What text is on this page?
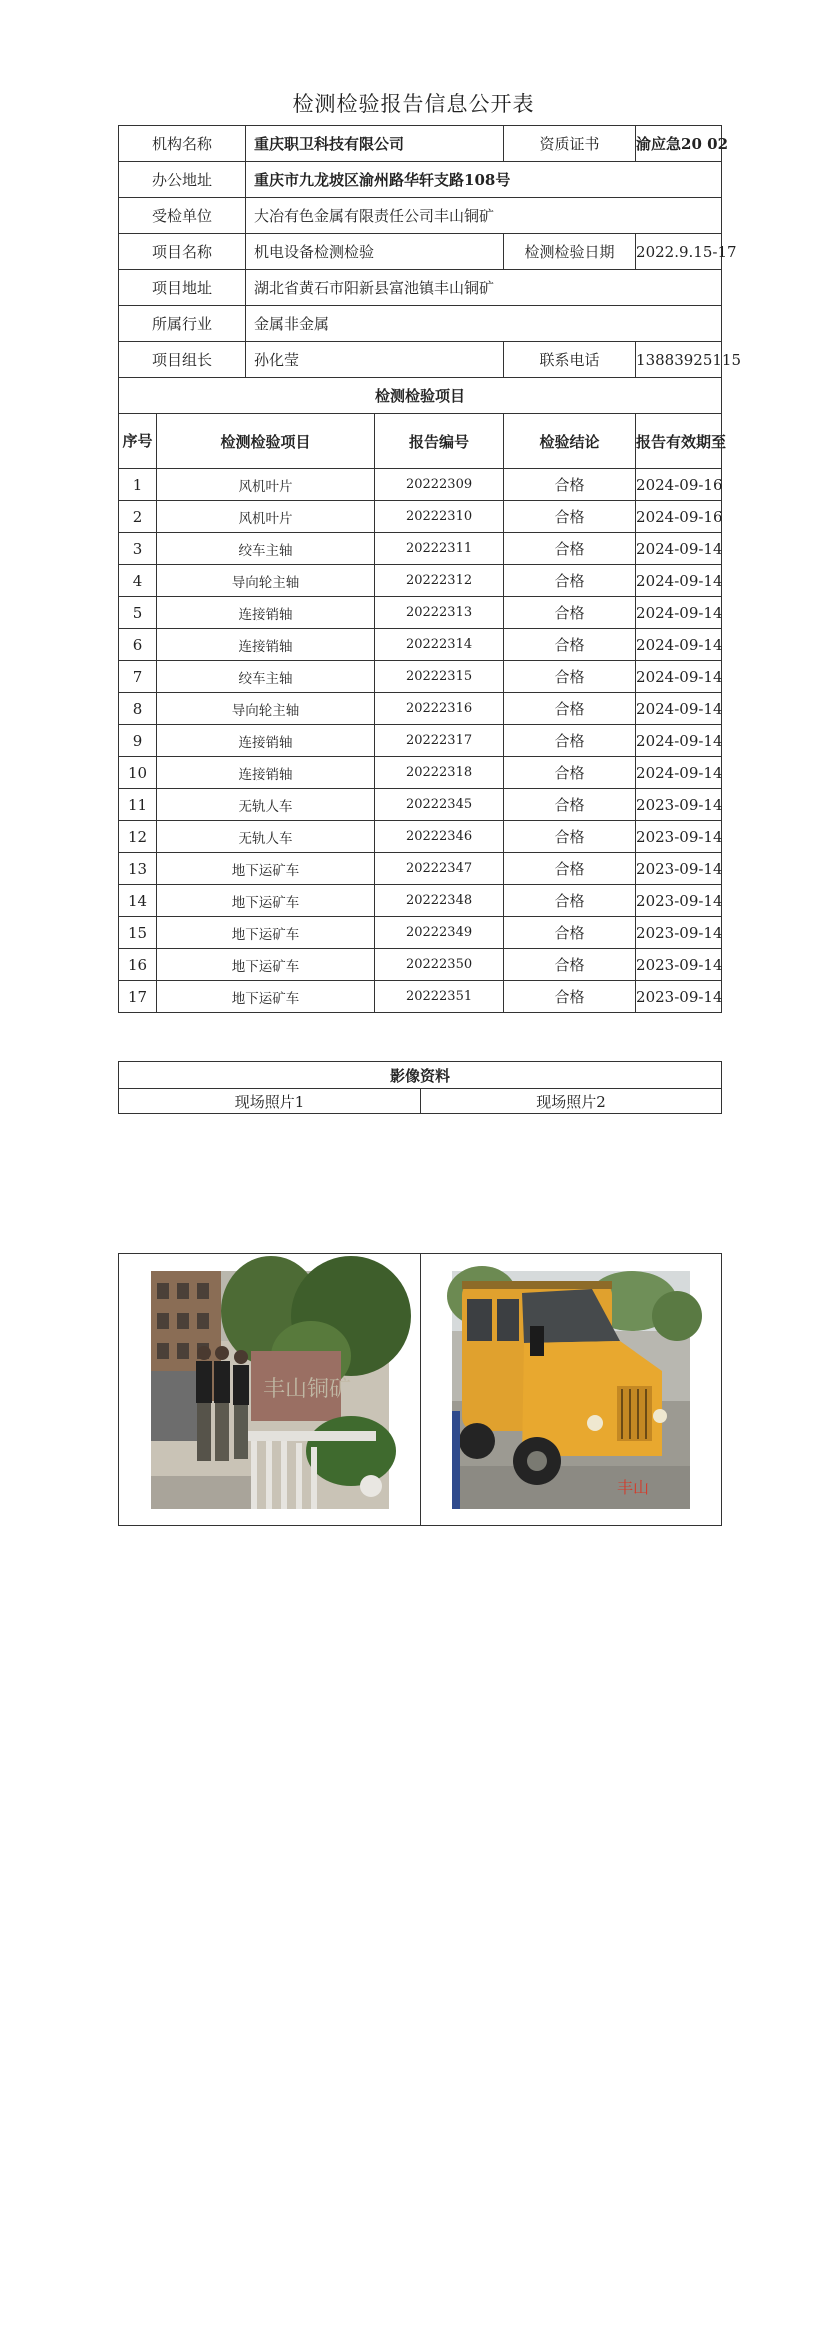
检测检验报告信息公开表
机构名称		重庆职卫科技有限公司		资质证书	渝应急20 02
办公地址		重庆市九龙坡区渝州路华轩支路108号			
受检单位		大冶有色金属有限责任公司丰山铜矿			
项目名称		机电设备检测检验		检测检验日期	2022.9.15-17
项目地址		湖北省黄石市阳新县富池镇丰山铜矿			
所属行业		金属非金属			
项目组长		孙化莹		联系电话	13883925115
检测检验项目					
序号	检测检验项目		报告编号	检验结论	报告有效期至
1	风机叶片		20222309	合格	2024-09-16
2	风机叶片		20222310	合格	2024-09-16
3	绞车主轴		20222311	合格	2024-09-14
4	导向轮主轴		20222312	合格	2024-09-14
5	连接销轴		20222313	合格	2024-09-14
6	连接销轴		20222314	合格	2024-09-14
7	绞车主轴		20222315	合格	2024-09-14
8	导向轮主轴		20222316	合格	2024-09-14
9	连接销轴		20222317	合格	2024-09-14
10	连接销轴		20222318	合格	2024-09-14
11	无轨人车		20222345	合格	2023-09-14
12	无轨人车		20222346	合格	2023-09-14
13	地下运矿车		20222347	合格	2023-09-14
14	地下运矿车		20222348	合格	2023-09-14
15	地下运矿车		20222349	合格	2023-09-14
16	地下运矿车		20222350	合格	2023-09-14
17	地下运矿车		20222351	合格	2023-09-14
影像资料
现场照片1	现场照片2
丰山铜矿

丰山
